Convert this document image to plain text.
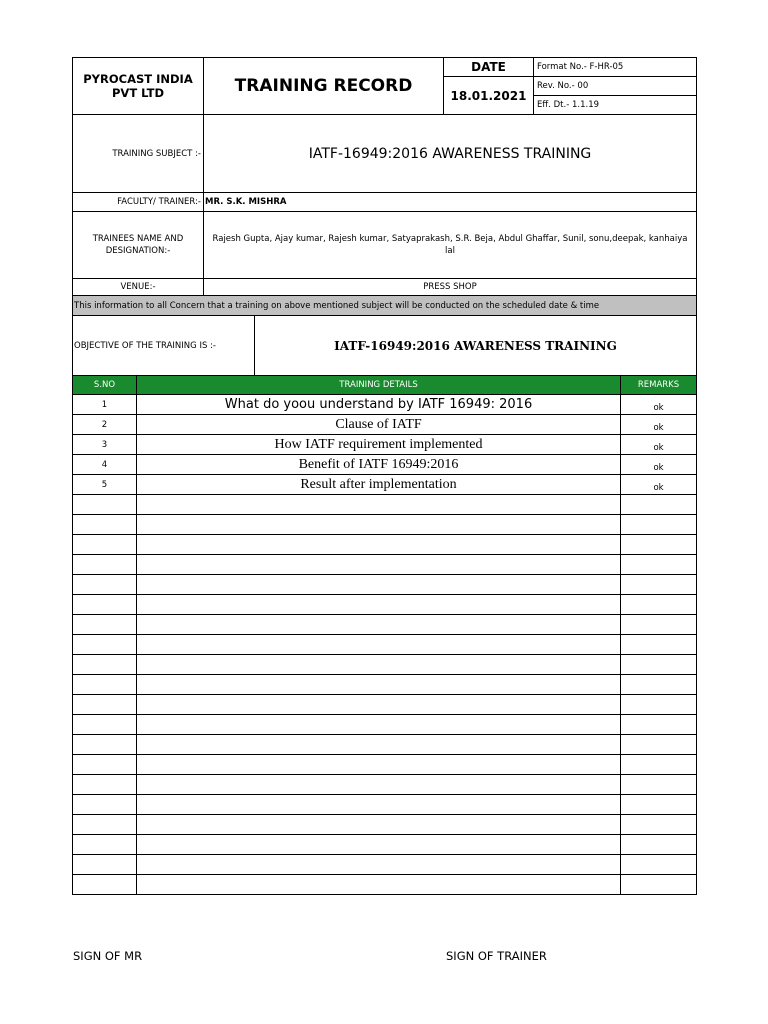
PYROCAST INDIA PVT LTD	TRAINING RECORD	DATE	Format No.- F-HR-05
		18.01.2021	Rev. No.- 00
			Eff. Dt.- 1.1.19
TRAINING SUBJECT :-	IATF-16949:2016 AWARENESS TRAINING
FACULTY/ TRAINER:-	MR. S.K. MISHRA
TRAINEES NAME AND DESIGNATION:-	Rajesh Gupta, Ajay kumar, Rajesh kumar, Satyaprakash, S.R. Beja, Abdul Ghaffar, Sunil, sonu,deepak, kanhaiya lal
VENUE:-	PRESS SHOP
This information to all Concern that a training on above mentioned subject will be conducted on the scheduled date & time	
OBJECTIVE OF THE TRAINING IS :-	IATF-16949:2016 AWARENESS TRAINING
S.NO	TRAINING DETAILS	REMARKS
1	What do yoou understand by IATF 16949: 2016	ok
2	Clause of IATF	ok
3	How IATF requirement implemented	ok
4	Benefit of IATF 16949:2016	ok
5	Result after implementation	ok

SIGN OF MR	SIGN OF TRAINER
